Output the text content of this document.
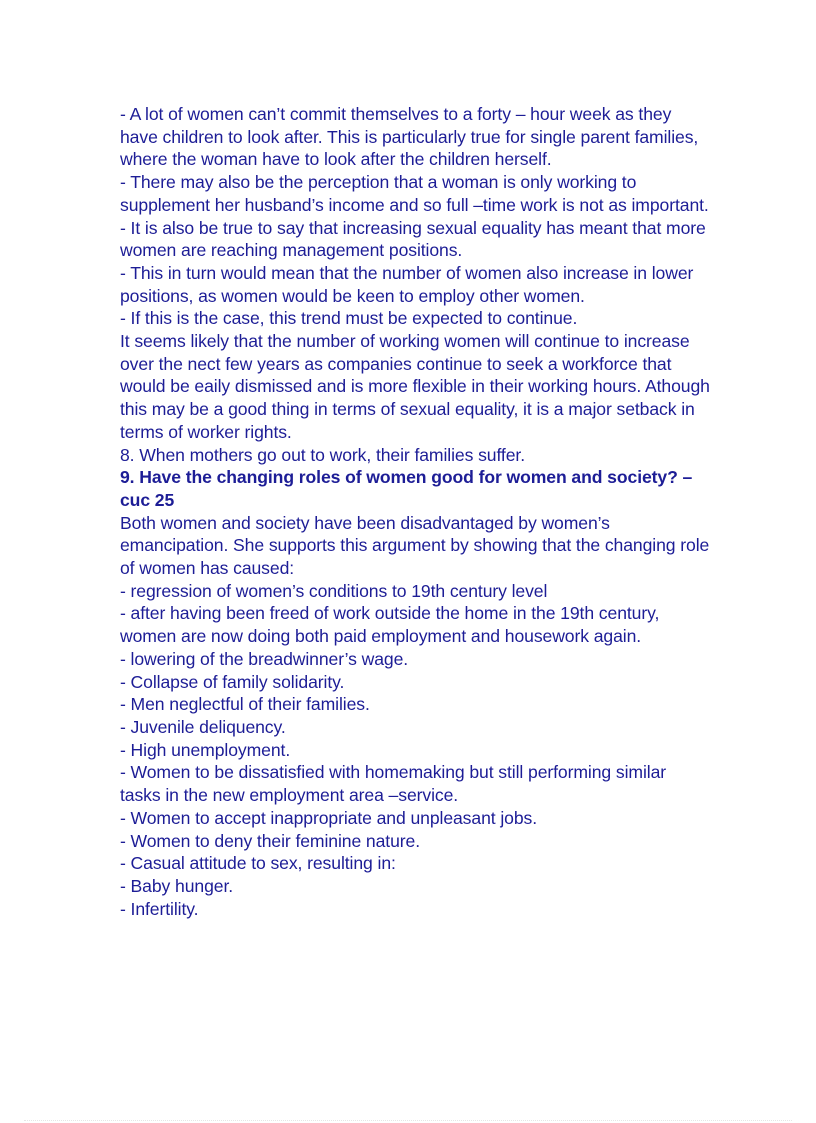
- A lot of women can’t commit themselves to a forty – hour week as they have children to look after. This is particularly true for single parent families, where the woman have to look after the children herself.

- There may also be the perception that a woman is only working to supplement her husband’s income and so full –time work is not as important.

- It is also be true to say that increasing sexual equality has meant that more women are reaching management positions.

- This in turn would mean that the number of women also increase in lower positions, as women would be keen to employ other women.

- If this is the case, this trend must be expected to continue.

It seems likely that the number of working women will continue to increase over the nect few years as companies continue to seek a workforce that would be eaily dismissed and is more flexible in their working hours. Athough this may be a good thing in terms of sexual equality, it is a major setback in terms of worker rights.

8. When mothers go out to work, their families suffer.

9. Have the changing roles of women good for women and society? –cuc 25

Both women and society have been disadvantaged by women’s emancipation. She supports this argument by showing that the changing role of women has caused:

- regression of women’s conditions to 19th century level

- after having been freed of work outside the home in the 19th century, women are now doing both paid employment and housework again.

- lowering of the breadwinner’s wage.

- Collapse of family solidarity.

- Men neglectful of their families.

- Juvenile deliquency.

- High unemployment.

- Women to be dissatisfied with homemaking but still performing similar tasks in the new employment area –service.

- Women to accept inappropriate and unpleasant jobs.

- Women to deny their feminine nature.

- Casual attitude to sex, resulting in:

- Baby hunger.

- Infertility.
